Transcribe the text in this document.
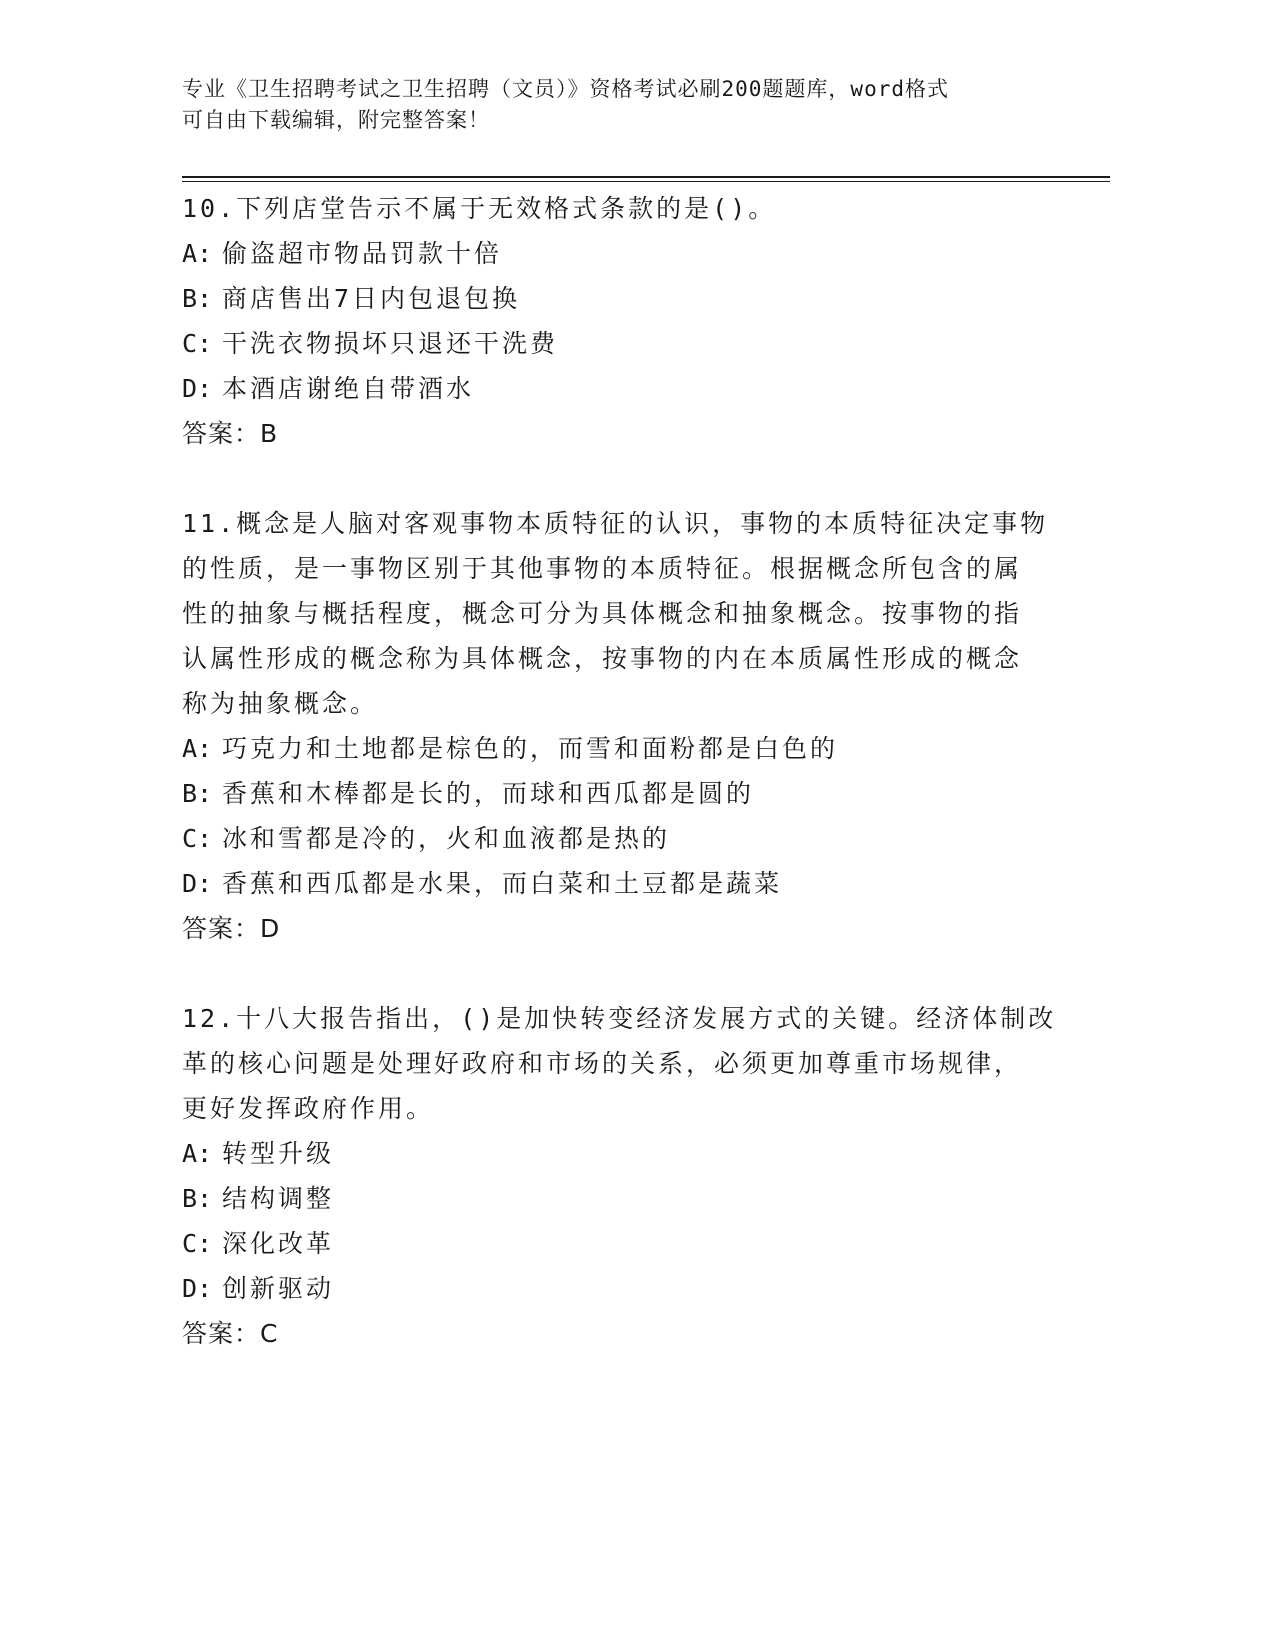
专业《卫生招聘考试之卫生招聘（文员）》资格考试必刷200题题库，word格式
可自由下载编辑，附完整答案！
10.下列店堂告示不属于无效格式条款的是()。
A: 偷盗超市物品罚款十倍
B: 商店售出7日内包退包换
C: 干洗衣物损坏只退还干洗费
D: 本酒店谢绝自带酒水
答案：B
11.概念是人脑对客观事物本质特征的认识，事物的本质特征决定事物
的性质，是一事物区别于其他事物的本质特征。根据概念所包含的属
性的抽象与概括程度，概念可分为具体概念和抽象概念。按事物的指
认属性形成的概念称为具体概念，按事物的内在本质属性形成的概念
称为抽象概念。
A: 巧克力和土地都是棕色的，而雪和面粉都是白色的
B: 香蕉和木棒都是长的，而球和西瓜都是圆的
C: 冰和雪都是冷的，火和血液都是热的
D: 香蕉和西瓜都是水果，而白菜和土豆都是蔬菜
答案：D
12.十八大报告指出，()是加快转变经济发展方式的关键。经济体制改
革的核心问题是处理好政府和市场的关系，必须更加尊重市场规律，
更好发挥政府作用。
A: 转型升级
B: 结构调整
C: 深化改革
D: 创新驱动
答案：C
